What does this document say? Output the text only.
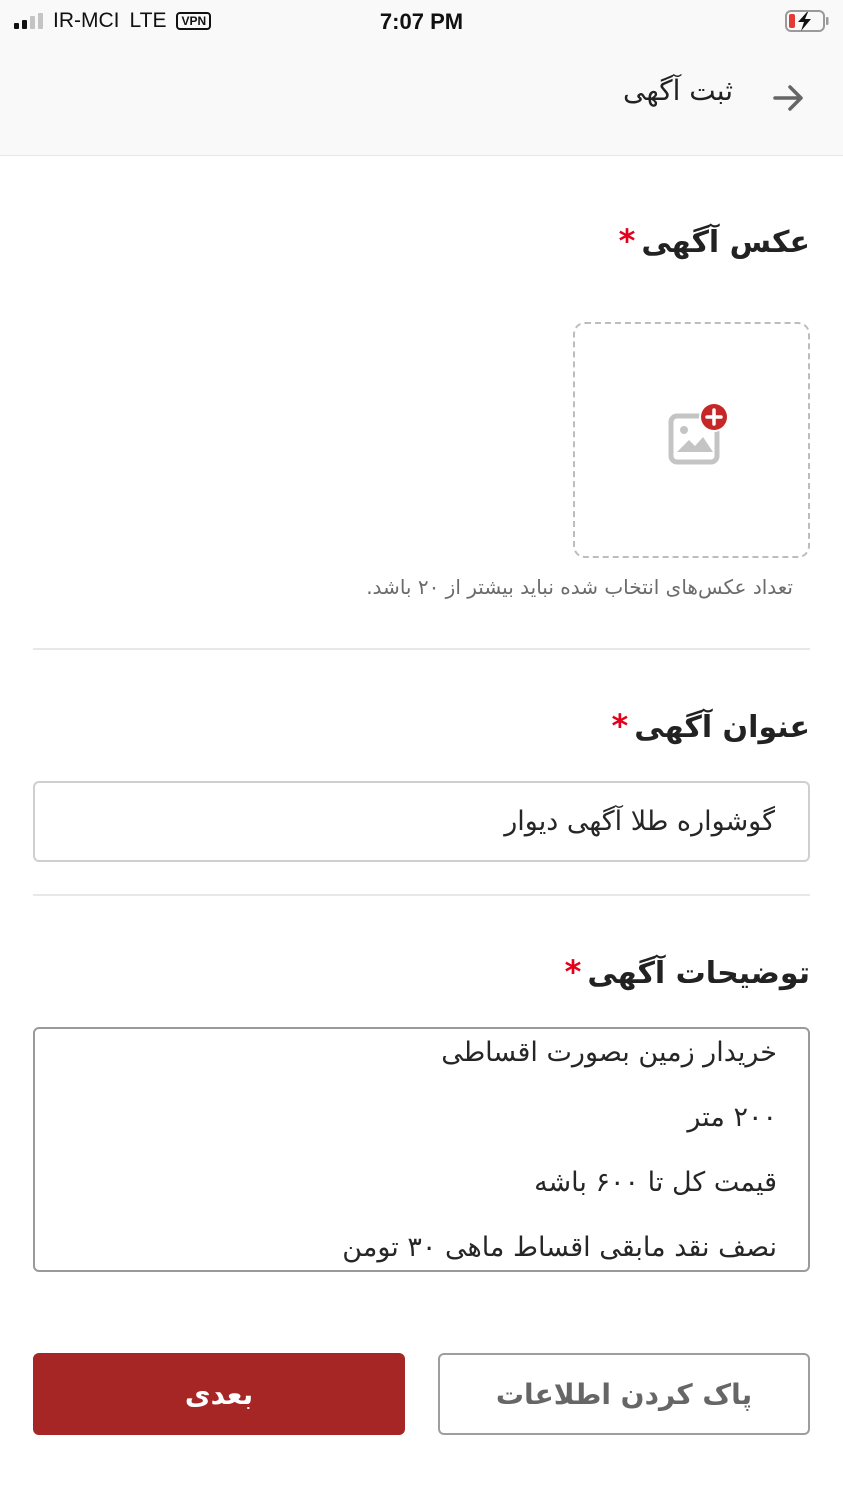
IR-MCI LTE	VPN	7:07 PM
ثبت آگهی
عکس آگهی*
تعداد عکس‌های انتخاب شده نباید بیشتر از ۲۰ باشد.
عنوان آگهی*
گوشواره طلا آگهی دیوار
توضیحات آگهی*
خریدار زمین بصورت اقساطی
۲۰۰ متر
قیمت کل تا ۶۰۰ باشه
نصف نقد مابقی اقساط ماهی ۳۰ تومن
بعدی	پاک کردن اطلاعات
